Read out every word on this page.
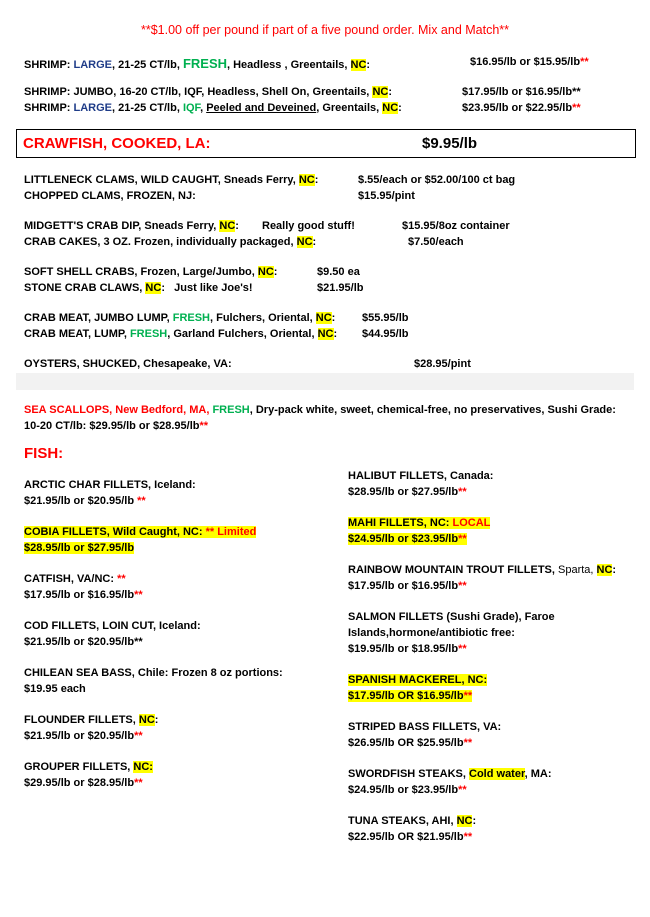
**$1.00 off per pound if part of a five pound order. Mix and Match**
SHRIMP: LARGE, 21-25 CT/lb, FRESH, Headless , Greentails, NC:	$16.95/lb or $15.95/lb**
SHRIMP: JUMBO, 16-20 CT/lb, IQF, Headless, Shell On, Greentails, NC:	$17.95/lb or $16.95/lb**
SHRIMP: LARGE, 21-25 CT/lb, IQF, Peeled and Deveined, Greentails, NC:	$23.95/lb or $22.95/lb**
CRAWFISH, COOKED, LA:	$9.95/lb
LITTLENECK CLAMS, WILD CAUGHT, Sneads Ferry, NC:	$.55/each or $52.00/100 ct bag
CHOPPED CLAMS, FROZEN, NJ:	$15.95/pint
MIDGETT'S CRAB DIP, Sneads Ferry, NC: Really good stuff!	$15.95/8oz container
CRAB CAKES, 3 OZ. Frozen, individually packaged, NC:	$7.50/each
SOFT SHELL CRABS, Frozen, Large/Jumbo, NC:	$9.50 ea
STONE CRAB CLAWS, NC: Just like Joe's!	$21.95/lb
CRAB MEAT, JUMBO LUMP, FRESH, Fulchers, Oriental, NC: $55.95/lb
CRAB MEAT, LUMP, FRESH, Garland Fulchers, Oriental, NC: $44.95/lb
OYSTERS, SHUCKED, Chesapeake, VA:	$28.95/pint
SEA SCALLOPS, New Bedford, MA, FRESH, Dry-pack white, sweet, chemical-free, no preservatives, Sushi Grade:
10-20 CT/lb: $29.95/lb or $28.95/lb**
FISH:
ARCTIC CHAR FILLETS, Iceland:
$21.95/lb or $20.95/lb **
COBIA FILLETS, Wild Caught, NC: ** Limited
$28.95/lb or $27.95/lb
CATFISH, VA/NC: **
$17.95/lb or $16.95/lb**
COD FILLETS, LOIN CUT, Iceland:
$21.95/lb or $20.95/lb**
CHILEAN SEA BASS, Chile: Frozen 8 oz portions:
$19.95 each
FLOUNDER FILLETS, NC:
$21.95/lb or $20.95/lb**
GROUPER FILLETS, NC:
$29.95/lb or $28.95/lb**
HALIBUT FILLETS, Canada:
$28.95/lb or $27.95/lb**
MAHI FILLETS, NC: LOCAL
$24.95/lb or $23.95/lb**
RAINBOW MOUNTAIN TROUT FILLETS, Sparta, NC:
$17.95/lb or $16.95/lb**
SALMON FILLETS (Sushi Grade), Faroe
Islands,hormone/antibiotic free:
$19.95/lb or $18.95/lb**
SPANISH MACKEREL, NC:
$17.95/lb OR $16.95/lb**
STRIPED BASS FILLETS, VA:
$26.95/lb OR $25.95/lb**
SWORDFISH STEAKS, Cold water, MA:
$24.95/lb or $23.95/lb**
TUNA STEAKS, AHI, NC:
$22.95/lb OR $21.95/lb**
